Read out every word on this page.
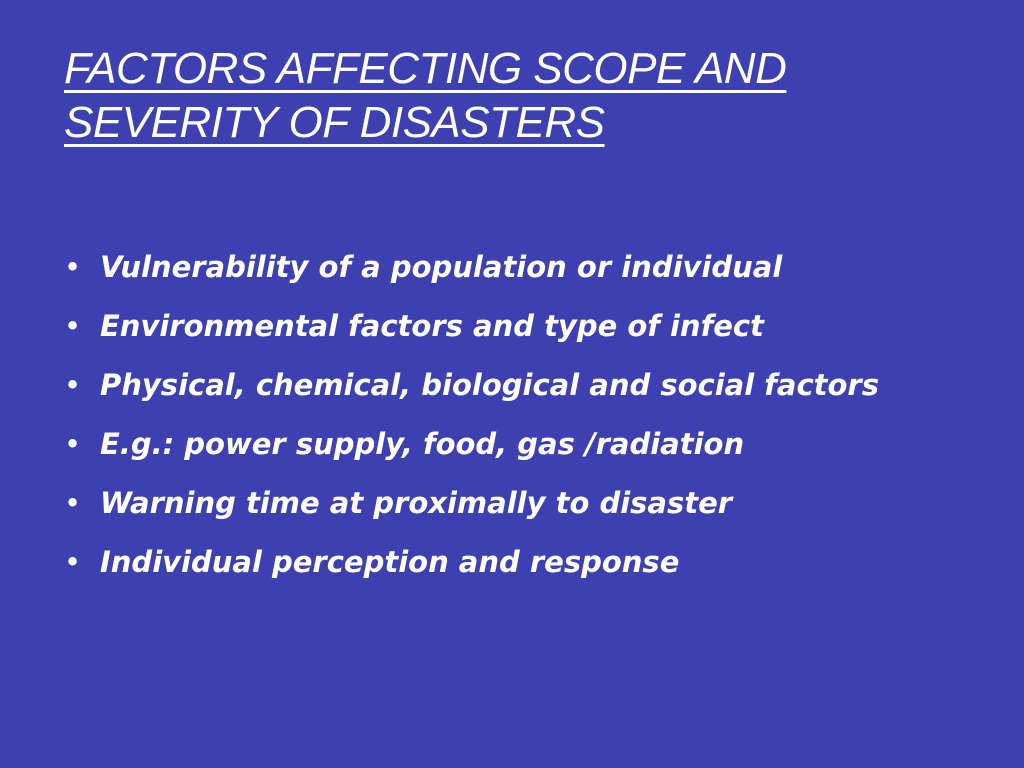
FACTORS AFFECTING SCOPE AND
SEVERITY OF DISASTERS
• Vulnerability of a population or individual
• Environmental factors and type of infect
• Physical, chemical, biological and social factors
• E.g.: power supply, food, gas /radiation
• Warning time at proximally to disaster
• Individual perception and response
